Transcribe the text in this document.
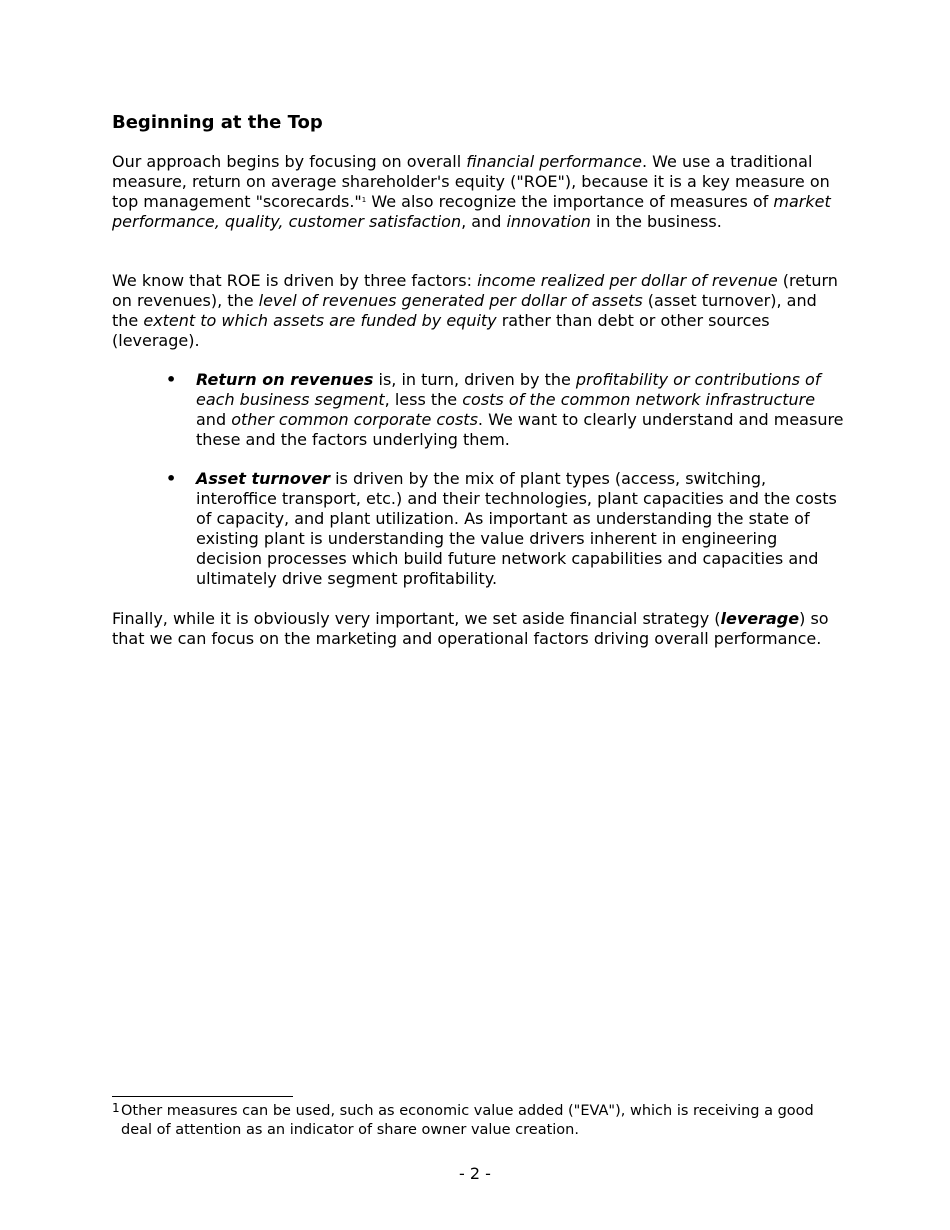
Beginning at the Top

Our approach begins by focusing on overall financial performance. We use a traditional measure, return on average shareholder's equity ("ROE"), because it is a key measure on top management "scorecards."$^1$ We also recognize the importance of measures of market performance, quality, customer satisfaction, and innovation in the business.

We know that ROE is driven by three factors: income realized per dollar of revenue (return on revenues), the level of revenues generated per dollar of assets (asset turnover), and the extent to which assets are funded by equity rather than debt or other sources (leverage).

•	Return on revenues is, in turn, driven by the profitability or contributions of each business segment, less the costs of the common network infrastructure and other common corporate costs. We want to clearly understand and measure these and the factors underlying them.
•	Asset turnover is driven by the mix of plant types (access, switching, interoffice transport, etc.) and their technologies, plant capacities and the costs of capacity, and plant utilization. As important as understanding the state of existing plant is understanding the value drivers inherent in engineering decision processes which build future network capabilities and capacities and ultimately drive segment profitability.

Finally, while it is obviously very important, we set aside financial strategy (leverage) so that we can focus on the marketing and operational factors driving overall performance.

1 Other measures can be used, such as economic value added ("EVA"), which is receiving a good deal of attention as an indicator of share owner value creation.
- 2 -
